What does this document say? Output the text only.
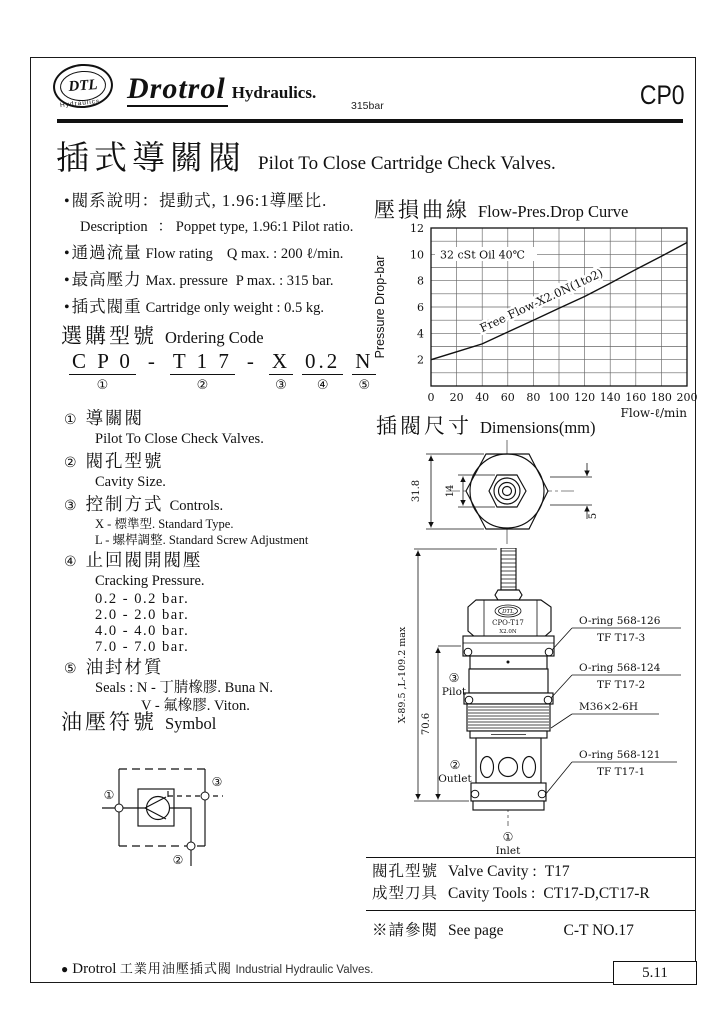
DTL
Hydraulics Drotrol Hydraulics.
315bar	CP0
插式導關閥 Pilot To Close Cartridge Check Valves.
• 閥系說明：提動式, 1.96:1導壓比.
Description ： Poppet type, 1.96:1 Pilot ratio.
• 通過流量 Flow rating Q max. : 200 ℓ/min.
• 最高壓力 Max. pressure P max. : 315 bar.
• 插式閥重 Cartridge only weight : 0.5 kg.
選購型號 Ordering Code
C P 0
①
- T 1 7
②
- X
③
0.2
④
N
⑤
① 導關閥
Pilot To Close Check Valves.
② 閥孔型號
Cavity Size.
③ 控制方式 Controls.
X - 標準型. Standard Type.
L - 螺桿調整. Standard Screw Adjustment
④ 止回閥開閥壓
Cracking Pressure.
0.2 - 0.2 bar.
2.0 - 2.0 bar.
4.0 - 4.0 bar.
7.0 - 7.0 bar.
⑤ 油封材質
Seals : N - 丁腈橡膠. Buna N.
V - 氟橡膠. Viton.
油壓符號 Symbol
①
③
②
壓損曲線 Flow-Pres.Drop Curve
32 cSt Oil 40℃
Free Flow-X2.0N(1to2)
0 20 40 60 80 100 120 140 160 180 200
2
4
6
8
10
12
Pressure Drop-bar
Flow-ℓ/min
插閥尺寸 Dimensions(mm)
31.8 14
5
DTL
CPO-T17
X2.0N
X-89.5 ,L-109.2 max
70.6
③
Pilot
②
Outlet
①
Inlet
O-ring 568-126
TF T17-3
O-ring 568-124
TF T17-2
M36×2-6H
O-ring 568-121
TF T17-1
閥孔型號 Valve Cavity : T17
成型刀具 Cavity Tools : CT17-D,CT17-R
※請參閱 See page	C-T NO.17
● Drotrol 工業用油壓插式閥 Industrial Hydraulic Valves.	5.11
